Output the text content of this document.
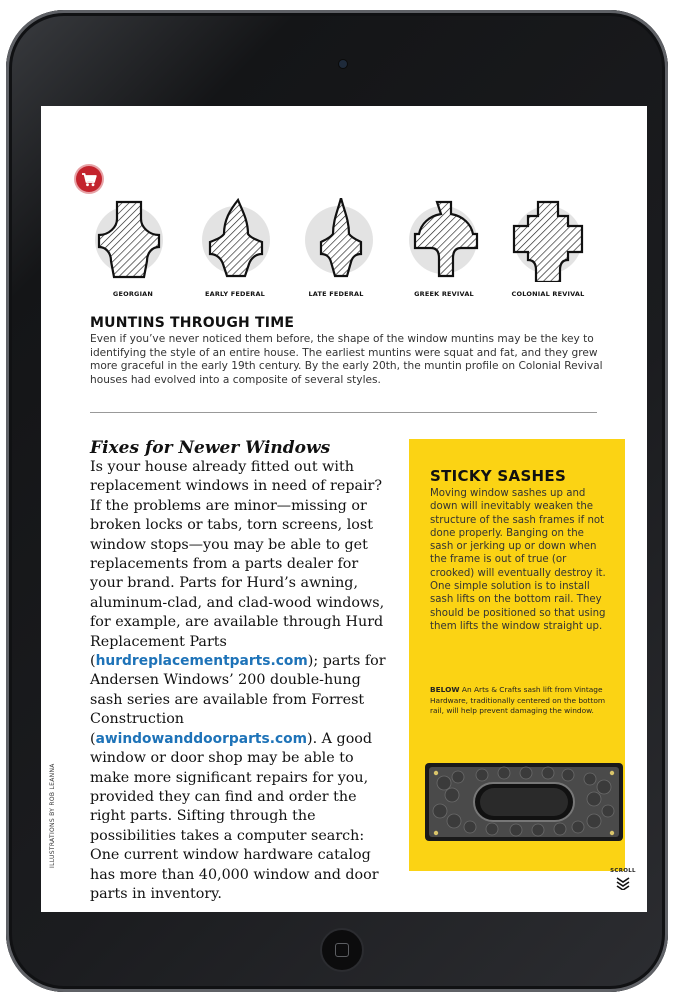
GEORGIAN	EARLY FEDERAL	LATE FEDERAL	GREEK REVIVAL	COLONIAL REVIVAL
MUNTINS THROUGH TIME
Even if you’ve never noticed them before, the shape of the window muntins may be the key to identifying the style of an entire house. The earliest muntins were squat and fat, and they grew more graceful in the early 19th century. By the early 20th, the muntin profile on Colonial Revival houses had evolved into a composite of several styles.
Fixes for Newer Windows
Is your house already fitted out with replacement windows in need of repair? If the problems are minor—missing or broken locks or tabs, torn screens, lost window stops—you may be able to get replacements from a parts dealer for your brand. Parts for Hurd’s awning, aluminum-clad, and clad-wood windows, for example, are available through Hurd Replacement Parts (hurdreplacementparts.com); parts for Andersen Windows’ 200 double-hung sash series are available from Forrest Construction (awindowanddoorparts.com). A good window or door shop may be able to make more significant repairs for you, provided they can find and order the right parts. Sifting through the possibilities takes a computer search: One current window hardware catalog has more than 40,000 window and door parts in inventory.
STICKY SASHES
Moving window sashes up and down will inevitably weaken the structure of the sash frames if not done properly. Banging on the sash or jerking up or down when the frame is out of true (or crooked) will eventually destroy it. One simple solution is to install sash lifts on the bottom rail. They should be positioned so that using them lifts the window straight up.
BELOW An Arts & Crafts sash lift from Vintage Hardware, traditionally centered on the bottom rail, will help prevent damaging the window.
ILLUSTRATIONS BY ROB LEANNA
SCROLL
